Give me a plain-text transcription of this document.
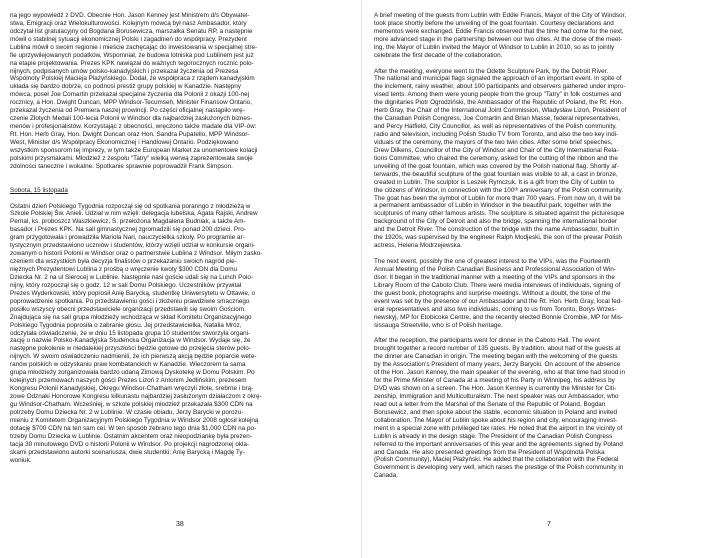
na jego wypowiedź z DVD. Obecnie Hon. Jason Kenney jest Ministrem d/s Obywatel-
stwa, Emigracji oraz Wielokulturowości. Kolejnym mówcą był nasz Ambasador, który
odczytał list gratulacyjny od Bogdana Borusewicza, marszałka Senatu RP, a następnie
mówił o stabilnej sytuacji ekonomicznej Polski i zagadnień do współpracy. Prezydent
Lublina mówił o swoim regionie i mieście zachęcając do inwestowania w specjalnej stre-
fie uprzywilejowanych podatków, Wspomniał, że budowa lotniska pod Lublinem jest już
na etapie projektowania. Prezes KPK nawiązał do ważnych tegorocznych rocznic polo-
nijnych, podpisanych umów polsko-kanadyjskich i przekazał życzenia od Prezesa
Wspólnoty Polskiej Macieja Płażyńskiego. Dodał, że współpraca z rządem kanadyjskim
układa się bardzo dobrze, co podnosi prestiż grupy polskiej w Kanadzie. Następny
mówca, poseł Joe Comartin przekazał specjalne życzenia dla Polonii z okazji 100-nej
rocznicy, a Hon. Dwight Duncan, MPP Windsor-Tecumseh, Minister Finansow Ontario,
przekazał życzenia od Premiera naszej prowincji. Po części oficjalnej nastąpiło wrę-
czenie Złotych Medali 100-lecia Polonii w Windsor dla najbardziej zasłużonych biznes-
menów i profesjonalistów. Korzystając z obecności, wręczono także madale dla VIP-ów:
Rt. Hon. Herb Gray, Hon. Dwight Duncan oraz Hon. Sandra Pupatello, MPP Windsor-
West, Minister d/s Współpracy Ekonomicznej i Handlowej Ontario. Podziękowano
wszystkim sponsorom tej imprezy, w tym także European Market za unomentowe kolacji
polskimi przysmakami. Młodzież z zespołu "Tatry" wielką werwą zaprezentowała swoje
zdolności taneczne i wokalne. Spotkanie sprawnie poprowadził Frank Simpson.

Sobota, 15 listopada

Ostatni dzień Polskiego Tygodnia rozpoczął się od spotkania poranngo z młodzieżą w
Szkole Polskiej Św. Anieli. Udział w nim wzięli: delegacja lubelska, Agata Rajski, Andrew
Pernal, ks. proboszcz Waszkiewicz, S. przełożona Magdalena Budniak, a także Am-
basador i Prezes KPK. Na sali gimnastycznej zgromadzili się ponad 200 dzieci. Pro-
gram przygotowała i prowadziła Mariola Nari, nauczycielka szkoły. Po programie ar-
tystycznym przedstawiono uczniów i studentów, którzy wzięli udział w konkursie organi-
zowanym o historii Polonii w Windsor oraz o partnerstwie Lublina z Windsor. Miłym zasko-
czeniem dla wszystkich była decyzja finalistów o przekazaniu swoich nagród pie-
niężnych Prezydentowi Lublina z prośbą o wręczenie kwoty $300 CDN dla Domu
Dziecka Nr. 2 na ul Sierocej w Lublinie. Następnie nasi goście udali się na Lunch Polo-
nijny, który rozpoczął się o godz. 12 w sali Domu Polskiego. Uczestników przywitał
Prezes Wyderkowski, który poprosił Anię Barycką, studentkę Uniwersytetu w Ottawie, o
poprowadzenie spotkania. Po przedstawieniu gości i złożeniu prawdziwie smacznego
posiłku wszyscy obecni przedstawiciele organizacji przedstawili się swoim Gościom.
Znajdująca się na sali grupa młodzieży wchodząca w skład Komitetu Organizacyjnego
Polskiego Tygodnia poprosiła o zabranie głosu. Jej przedstawicielka, Natalia Mróz,
odczytała oświadczenie, że w dniu 15 listopada grupa 10 studentów stworzyła organi-
zację o nazwie Polsko-Kanadyjska Studencka Organizacja w Windsor. Wydaje się, że
następne pokolenie w niedalekiej przyszłości będzie gotowe do przejęcia sterów polo-
nijnych. W swoim oświadczeniu nadmienili, że ich pierwszą akcją będzie poparcie wete-
ranów polskich w odzyskaniu praw kombatanckich w Kanadzie. Wieczorem ta sama
grupa młodzieży zorganizowała bardzo udaną Zimową Dyskotekę w Domu Polskim. Po
kolejnych przemowach naszych gości Prezes Lizoń z Antonim Jedlińskim, prezesem
Kongresu Polonii Kanadyjskiej, Okręgu Windsor-Chatham wręczyli złote, srebrne i brą-
zowe Odznaki Honorowe Kongresu kilkunastu najbardziej zasłużonym działaczom z okrę-
gu Windsor-Chatham. Wcześniej, w szkole polskiej młodzież przekazała $300 CDN na
potrzeby Domu Dziecka Nr. 2 w Lublinie. W czasie obiadu, Jerzy Barycki w porozu-
mieniu z Komitetem Organizacyjnym Polskiego Tygodnia w Windsor 2008 ogłosił kolejną
dotację $700 CDN na ten sam cel. W ten sposób zebrano tego dnia $1,000 CDN na po-
trzeby Domu Dziecka w Lublinie. Ostatnim akcentem oraz nieopodziankę była prezen-
tacja 30 minutowego DVD o historii Polonii w Windsor. Po projekcji nagrodzonej okla-
skami przedstawiono autorki scenariusza, dwie studentki: Anię Barycką i Magdę Ty-
woniuk.

38

A brief meeting of the guests from Lublin with Eddie Francis, Mayor of the City of Windsor,
took place shortly before the unveiling of the goat fountain. Courtesy declarations and
mementos were exchanged. Eddie Francis observed that the time had come for the next,
more advanced stage in the partnership between our two cities. At the close of the meet-
ing, the Mayor of Lublin invited the Mayor of Windsor to Lublin in 2010, so as to jointly
celebrate the first decade of the collaboration.

After the meeting, everyone went to the Odette Sculpture Park, by the Detroit River.
The national and municipal flags signaled the approach of an important event. In spite of
the inclement, rainy weather, about 100 participants and observers gathered under impro-
vised tents. Among them were young people from the group "Tatry" in folk costumes and
the dignitaries Piotr Ogrodziński, the Ambassador of the Republic of Poland, the Rt. Hon.
Herb Gray, the Chair of the International Joint Commission, Władysław Lizoń, President of
the Canadian Polish Congress, Joe Comartin and Brian Masse, federal representatives,
and Percy Hatfield, City Councillor, as well as representatives of the Polish community,
radio and television, including Polish Studio TV from Toronto, and also the two key indi-
viduals of the ceremony, the mayors of the two twin cities. After some brief speeches,
Drew Dilkens, Councillor of the City of Windsor and Chair of the City International Rela-
tions Committee, who chaired the ceremony, asked for the cutting of the ribbon and the
unveiling of the goat fountain, which was covered by the Polish national flag. Shortly af-
terwards, the beautiful sculpture of the goat fountain was visible to all, a cast in bronze,
created in Lublin. The sculptor is Leszek Rymczuk. It is a gift from the City of Lublin to
the citizens of Windsor, in connection with the 100ᵗʰ anniversary of the Polish community.
The goat has been the symbol of Lublin for more than 700 years. From now on, it will be
a permanent ambassador of Lublin in Windsor in the beautiful park, together with the
sculptures of many other famous artists. The sculpture is situated against the picturesque
background of the City of Detroit and also the bridge, spanning the international border
and the Detroit River. The construction of the bridge with the name Ambassador, built in
the 1920s, was supervised by the engineer Ralph Modjeski, the son of the prewar Polish
actress, Helena Modrzejewska.

The next event, possibly the one of greatest interest to the VIPs, was the Fourteenth
Annual Meeting of the Polish Canadian Business and Professional Association of Win-
dsor. It began in the traditional manner with a meeting of the VIPs and sponsors in the
Library Room of the Caboto Club. There were media interviews of individuals, signing of
the guest book, photographs and surprise meetings. Without a doubt, the tone of the
event was set by the presence of our Ambassador and the Rt. Hon. Herb Gray, local fed-
eral representatives and also two individuals, coming to us from Toronto, Borys Wrzes-
newskyj, MP for Etobicoke Centre, and the recently elected Bonnie Crombie, MP for Mis-
sissauga Streetville, who is of Polish heritage.

After the reception, the participants went for dinner in the Caboto Hall. The event
brought together a record number of 135 guests. By tradition, about half of the guests at
the dinner are Canadian in origin. The meeting began with the welcoming of the guests
by the Association's President of many years, Jerzy Barycki. On account of the absence
of the Hon. Jason Kenney, the main speaker of the evening, who at that time had stood in
for the Prime Minister of Canada at a meeting of his Party in Winnipeg, his address by
DVD was shown on a screen. The Hon. Jason Kenney is currently the Minister for Citi-
zenship, Immigration and Multiculturalism. The next speaker was our Ambassador, who
read out a letter from the Marshal of the Senate of the Republic of Poland, Bogdan
Borusewicz, and then spoke about the stable, economic situation in Poland and invited
collaboration. The Mayor of Lublin spoke about his region and city, encouraging invest-
ment in a special zone with privileged tax rates. He noted that the airport in the vicinity of
Lublin is already in the design stage. The President of the Canadian Polish Congress
referred to the important anniversaries of this year and the agreements signed by Poland
and Canada. He also presented greetings from the President of Wspólnota Polska
(Polish Community), Maciej Płażyński. He added that the collaboration with the Federal
Government is developing very well, which raises the prestige of the Polish community in
Canada.

7
